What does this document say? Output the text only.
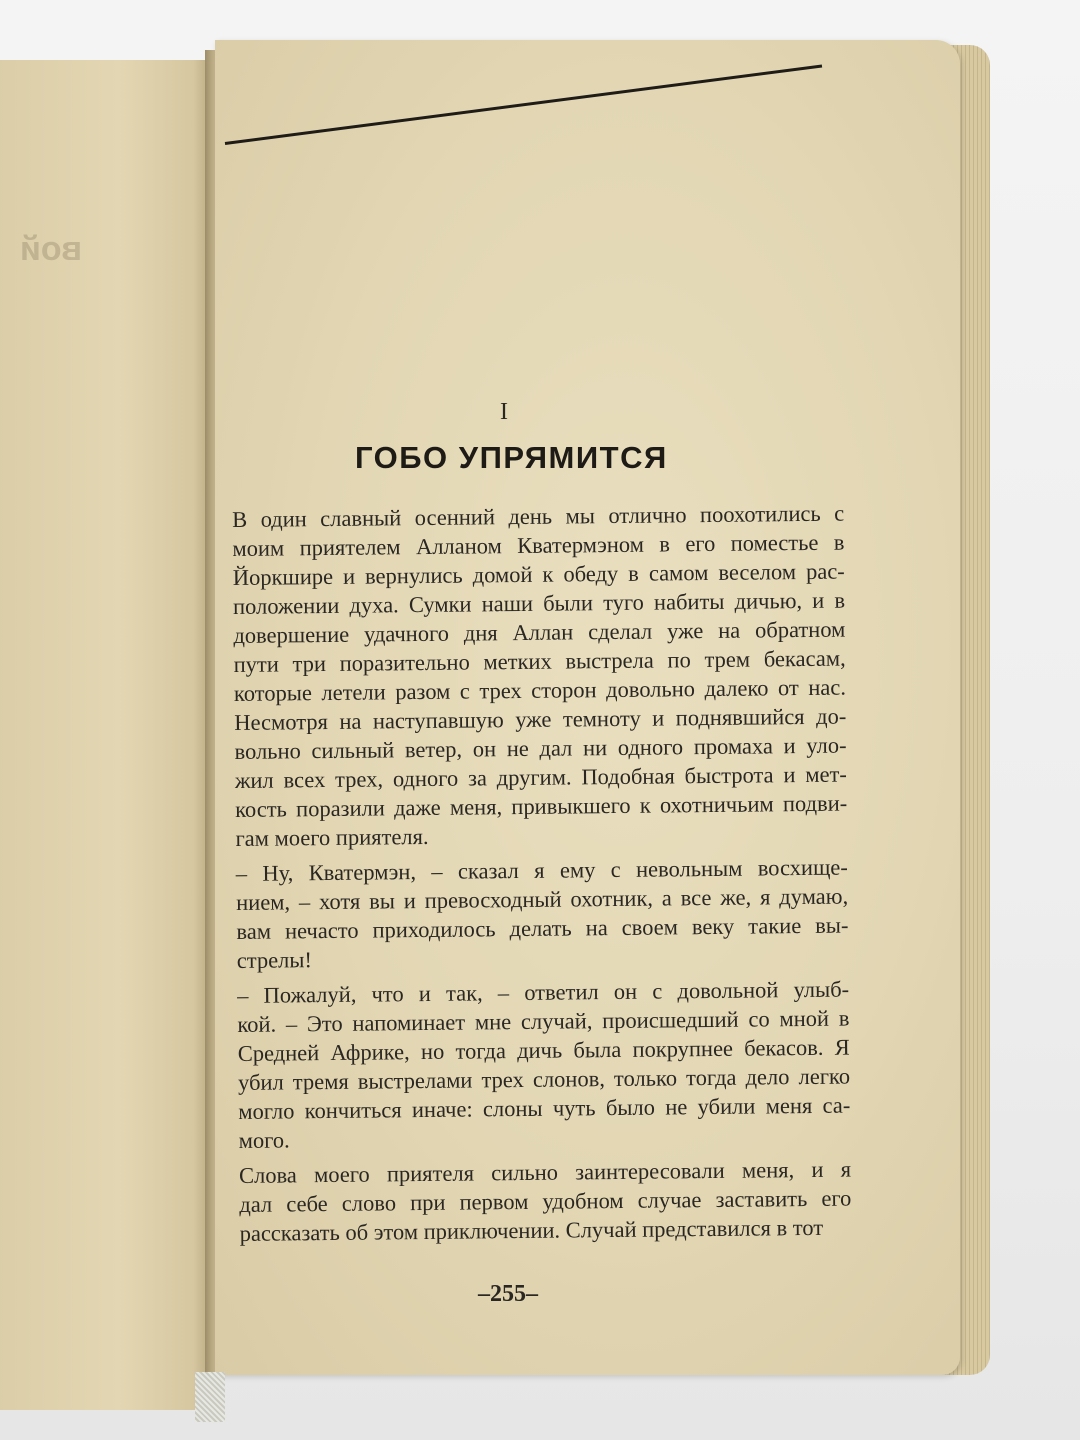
вой
I
ГОБО УПРЯМИТСЯ
В один славный осенний день мы отлично поохотились с
моим приятелем Алланом Кватермэном в его поместье в
Йоркшире и вернулись домой к обеду в самом веселом рас-
положении духа. Сумки наши были туго набиты дичью, и в
довершение удачного дня Аллан сделал уже на обратном
пути три поразительно метких выстрела по трем бекасам,
которые летели разом с трех сторон довольно далеко от нас.
Несмотря на наступавшую уже темноту и поднявшийся до-
вольно сильный ветер, он не дал ни одного промаха и уло-
жил всех трех, одного за другим. Подобная быстрота и мет-
кость поразили даже меня, привыкшего к охотничьим подви-
гам моего приятеля.
– Ну, Кватермэн, – сказал я ему с невольным восхище-
нием, – хотя вы и превосходный охотник, а все же, я думаю,
вам нечасто приходилось делать на своем веку такие вы-
стрелы!
– Пожалуй, что и так, – ответил он с довольной улыб-
кой. – Это напоминает мне случай, происшедший со мной в
Средней Африке, но тогда дичь была покрупнее бекасов. Я
убил тремя выстрелами трех слонов, только тогда дело легко
могло кончиться иначе: слоны чуть было не убили меня са-
мого.
Слова моего приятеля сильно заинтересовали меня, и я
дал себе слово при первом удобном случае заставить его
рассказать об этом приключении. Случай представился в тот
–255–
